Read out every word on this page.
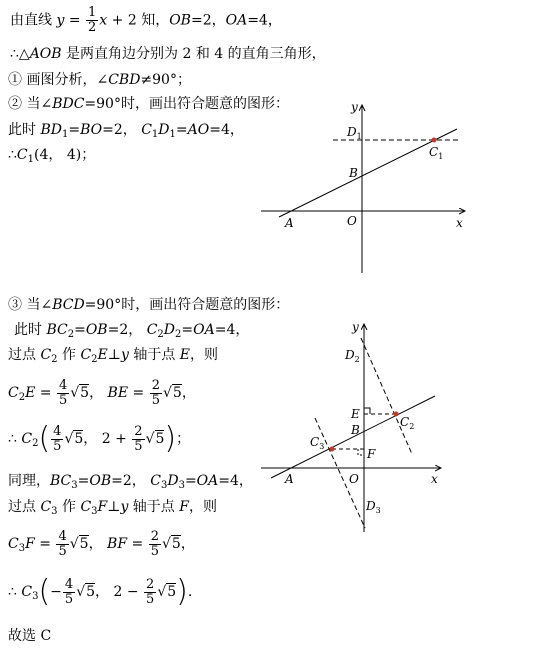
由直线 $y = \frac{1}{2}$ x + 2 知，OB=2，OA=4，
∴△AOB 是两直角边分别为 2 和 4 的直角三角形，
① 画图分析，∠CBD≠90°；
② 当∠BDC=90°时，画出符合题意的图形：
此时 $BD_1=BO=2$， $C_1D_1=AO=4$，
$\therefore C_1(4$， 4)；
y
x
O
A
B
$D_1$
$C_1$
③ 当∠BCD=90°时，画出符合题意的图形：
此时 $BC_2=OB=2$， $C_2D_2=OA=4$，
过点 $C_2$ 作 $C_2E\perp y$ 轴于点 E，则
$C_2E = \frac{4}{5} √5$， BE = $\frac{2}{5} √5$，
∴ $C_2( \frac{4}{5} √5$， $2 + \frac{2}{5} √5$)；
同理，$BC_3=OB=2$， $C_3D_3=OA=4$，
过点 $C_3$ 作 $C_3F\perp y$ 轴于点 F，则
$C_3F = \frac{4}{5} √5$， BF = $\frac{2}{5} √5$，
∴ $C_3(- \frac{4}{5} √5$， $2 - \frac{2}{5} √5$).
故选 C
y
x
O
A
B
E
F
$D_2$
$D_3$
$C_2$
$C_3$
